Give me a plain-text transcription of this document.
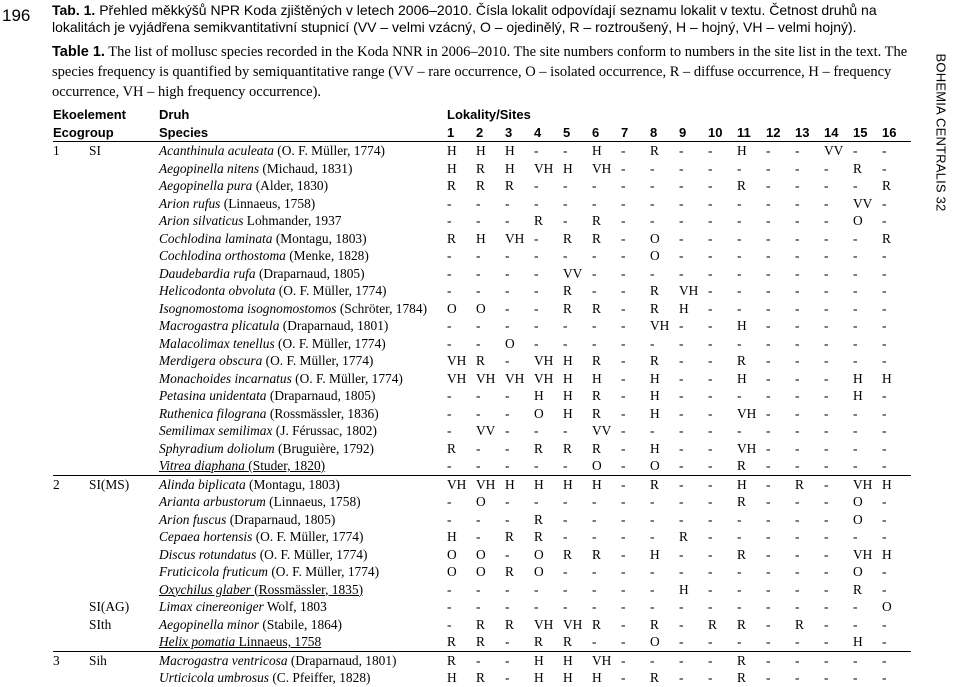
196
BOHEMIA CENTRALIS 32
Tab. 1. Přehled měkkýšů NPR Koda zjištěných v letech 2006–2010. Čísla lokalit odpovídají seznamu lokalit v textu. Četnost druhů na lokalitách je vyjádřena semikvantitativní stupnicí (VV – velmi vzácný, O – ojedinělý, R – roztroušený, H – hojný, VH – velmi hojný).
Table 1. The list of mollusc species recorded in the Koda NNR in 2006–2010. The site numbers conform to numbers in the site list in the text. The species frequency is quantified by semiquantitative range (VV – rare occurrence, O – isolated occurrence, R – diffuse occurrence, H – frequency occurrence, VH – high frequency occurrence).
Ekoelement		Druh	Lokality/Sites															
Ecogroup		Species	1	2	3	4	5	6	7	8	9	10	11	12	13	14	15	16
1	SI	Acanthinula aculeata (O. F. Müller, 1774)	H	H	H	-	-	H	-	R	-	-	H	-	-	VV	-	-
		Aegopinella nitens (Michaud, 1831)	H	R	H	VH	H	VH	-	-	-	-	-	-	-	-	R	-
		Aegopinella pura (Alder, 1830)	R	R	R	-	-	-	-	-	-	-	R	-	-	-	-	R
		Arion rufus (Linnaeus, 1758)	-	-	-	-	-	-	-	-	-	-	-	-	-	-	VV	-
		Arion silvaticus Lohmander, 1937	-	-	-	R	-	R	-	-	-	-	-	-	-	-	O	-
		Cochlodina laminata (Montagu, 1803)	R	H	VH	-	R	R	-	O	-	-	-	-	-	-	-	R
		Cochlodina orthostoma (Menke, 1828)	-	-	-	-	-	-	-	O	-	-	-	-	-	-	-	-
		Daudebardia rufa (Draparnaud, 1805)	-	-	-	-	VV	-	-	-	-	-	-	-	-	-	-	-
		Helicodonta obvoluta (O. F. Müller, 1774)	-	-	-	-	R	-	-	R	VH	-	-	-	-	-	-	-
		Isognomostoma isognomostomos (Schröter, 1784)	O	O	-	-	R	R	-	R	H	-	-	-	-	-	-	-
		Macrogastra plicatula (Draparnaud, 1801)	-	-	-	-	-	-	-	VH	-	-	H	-	-	-	-	-
		Malacolimax tenellus (O. F. Müller, 1774)	-	-	O	-	-	-	-	-	-	-	-	-	-	-	-	-
		Merdigera obscura (O. F. Müller, 1774)	VH	R	-	VH	H	R	-	R	-	-	R	-	-	-	-	-
		Monachoides incarnatus (O. F. Müller, 1774)	VH	VH	VH	VH	H	H	-	H	-	-	H	-	-	-	H	H
		Petasina unidentata (Draparnaud, 1805)	-	-	-	H	H	R	-	H	-	-	-	-	-	-	H	-
		Ruthenica filograna (Rossmässler, 1836)	-	-	-	O	H	R	-	H	-	-	VH	-	-	-	-	-
		Semilimax semilimax (J. Férussac, 1802)	-	VV	-	-	-	VV	-	-	-	-	-	-	-	-	-	-
		Sphyradium doliolum (Bruguière, 1792)	R	-	-	R	R	R	-	H	-	-	VH	-	-	-	-	-
		Vitrea diaphana (Studer, 1820)	-	-	-	-	-	O	-	O	-	-	R	-	-	-	-	-
2	SI(MS)	Alinda biplicata (Montagu, 1803)	VH	VH	H	H	H	H	-	R	-	-	H	-	R	-	VH	H
		Arianta arbustorum (Linnaeus, 1758)	-	O	-	-	-	-	-	-	-	-	R	-	-	-	O	-
		Arion fuscus (Draparnaud, 1805)	-	-	-	R	-	-	-	-	-	-	-	-	-	-	O	-
		Cepaea hortensis (O. F. Müller, 1774)	H	-	R	R	-	-	-	-	R	-	-	-	-	-	-	-
		Discus rotundatus (O. F. Müller, 1774)	O	O	-	O	R	R	-	H	-	-	R	-	-	-	VH	H
		Fruticicola fruticum (O. F. Müller, 1774)	O	O	R	O	-	-	-	-	-	-	-	-	-	-	O	-
		Oxychilus glaber (Rossmässler, 1835)	-	-	-	-	-	-	-	-	H	-	-	-	-	-	R	-
	SI(AG)	Limax cinereoniger Wolf, 1803	-	-	-	-	-	-	-	-	-	-	-	-	-	-	-	O
	SIth	Aegopinella minor (Stabile, 1864)	-	R	R	VH	VH	R	-	R	-	R	R	-	R	-	-	-
		Helix pomatia Linnaeus, 1758	R	R	-	R	R	-	-	O	-	-	-	-	-	-	H	-
3	Sih	Macrogastra ventricosa (Draparnaud, 1801)	R	-	-	H	H	VH	-	-	-	-	R	-	-	-	-	-
		Urticicola umbrosus (C. Pfeiffer, 1828)	H	R	-	H	H	H	-	R	-	-	R	-	-	-	-	-
